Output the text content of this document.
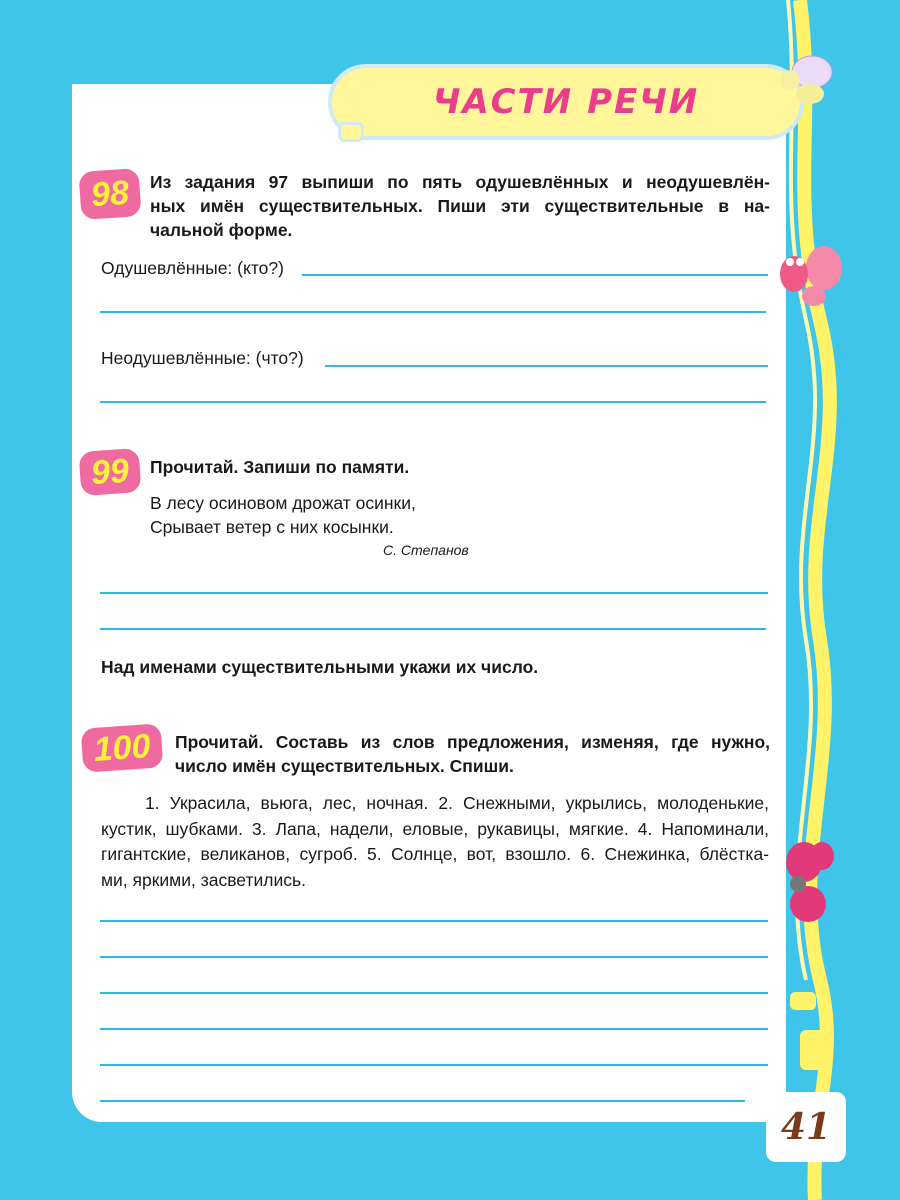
ЧАСТИ РЕЧИ
98	Из задания 97 выпиши по пять одушевлённых и неодушевлён-
ных имён существительных. Пиши эти существительные в на-
чальной форме.
Одушевлённые: (кто?)
Неодушевлённые: (что?)
99	Прочитай. Запиши по памяти.
В лесу осиновом дрожат осинки,
Срывает ветер с них косынки.
С. Степанов
Над именами существительными укажи их число.
100	Прочитай. Составь из слов предложения, изменяя, где нужно,
число имён существительных. Спиши.
1. Украсила, вьюга, лес, ночная. 2. Снежными, укрылись, молоденькие,
кустик, шубками. 3. Лапа, надели, еловые, рукавицы, мягкие. 4. Напоминали,
гигантские, великанов, сугроб. 5. Солнце, вот, взошло. 6. Снежинка, блёстка-
ми, яркими, засветились.
41
